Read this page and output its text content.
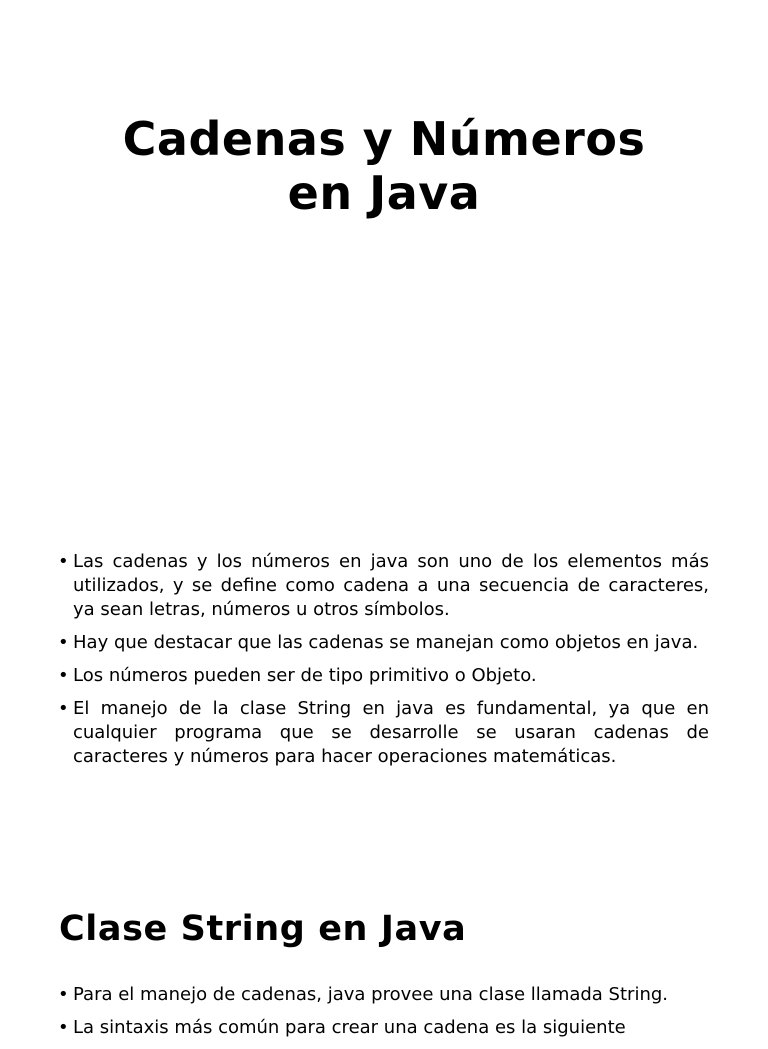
Cadenas y Números
en Java
• Las cadenas y los números en java son uno de los elementos más utilizados, y se define como cadena a una secuencia de caracteres, ya sean letras, números u otros símbolos.
• Hay que destacar que las cadenas se manejan como objetos en java.
• Los números pueden ser de tipo primitivo o Objeto.
• El manejo de la clase String en java es fundamental, ya que en cualquier programa que se desarrolle se usaran cadenas de caracteres y números para hacer operaciones matemáticas.
Clase String en Java
• Para el manejo de cadenas, java provee una clase llamada String.
• La sintaxis más común para crear una cadena es la siguiente
